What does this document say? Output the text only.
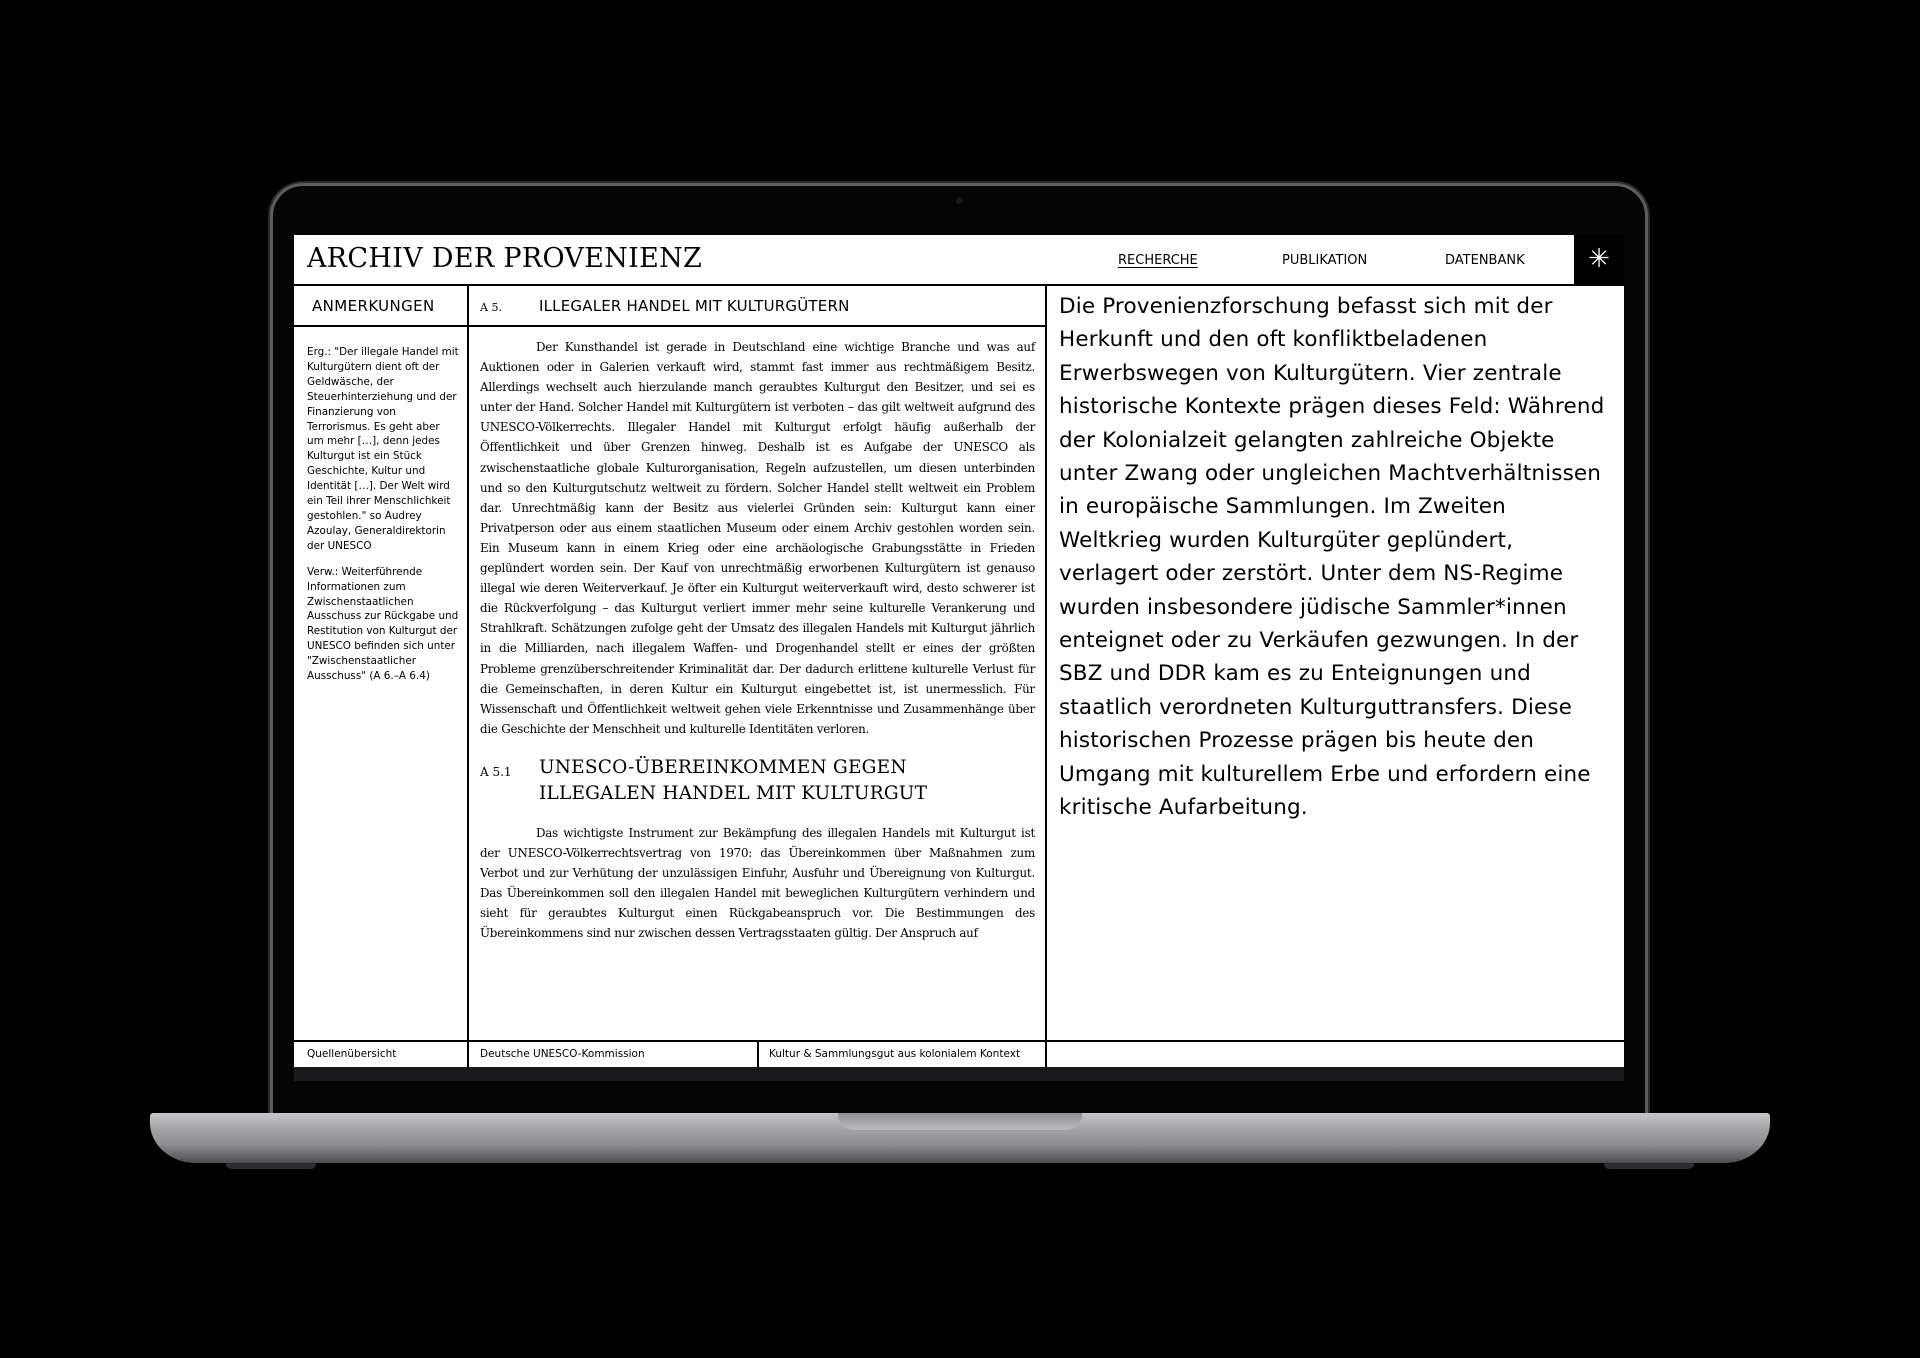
ARCHIV DER PROVENIENZ	RECHERCHE	PUBLIKATION	DATENBANK	✳
ANMERKUNGEN

Erg.: "Der illegale Handel mit Kulturgütern dient oft der Geldwäsche, der Steuerhinterziehung und der Finanzierung von Terrorismus. Es geht aber um mehr […], denn jedes Kulturgut ist ein Stück Geschichte, Kultur und Identität […]. Der Welt wird ein Teil ihrer Menschlichkeit gestohlen." so Audrey Azoulay, Generaldirektorin der UNESCO

Verw.: Weiterführende Informationen zum Zwischenstaatlichen Ausschuss zur Rückgabe und Restitution von Kulturgut der UNESCO befinden sich unter "Zwischenstaatlicher Ausschuss" (A 6.–A 6.4)

A 5. ILLEGALER HANDEL MIT KULTURGÜTERN

Der Kunsthandel ist gerade in Deutschland eine wichtige Branche und was auf Auktionen oder in Galerien verkauft wird, stammt fast immer aus rechtmäßigem Besitz. Allerdings wechselt auch hierzulande manch geraubtes Kulturgut den Besitzer, und sei es unter der Hand. Solcher Handel mit Kulturgütern ist verboten – das gilt weltweit aufgrund des UNESCO-Völkerrechts. Illegaler Handel mit Kulturgut erfolgt häufig außerhalb der Öffentlichkeit und über Grenzen hinweg. Deshalb ist es Aufgabe der UNESCO als zwischenstaatliche globale Kulturorganisation, Regeln aufzustellen, um diesen unterbinden und so den Kulturgutschutz weltweit zu fördern. Solcher Handel stellt weltweit ein Problem dar. Unrechtmäßig kann der Besitz aus vielerlei Gründen sein: Kulturgut kann einer Privatperson oder aus einem staatlichen Museum oder einem Archiv gestohlen worden sein. Ein Museum kann in einem Krieg oder eine archäologische Grabungsstätte in Frieden geplündert worden sein. Der Kauf von unrechtmäßig erworbenen Kulturgütern ist genauso illegal wie deren Weiterverkauf. Je öfter ein Kulturgut weiterverkauft wird, desto schwerer ist die Rückverfolgung – das Kulturgut verliert immer mehr seine kulturelle Verankerung und Strahlkraft. Schätzungen zufolge geht der Umsatz des illegalen Handels mit Kulturgut jährlich in die Milliarden, nach illegalem Waffen- und Drogenhandel stellt er eines der größten Probleme grenzüberschreitender Kriminalität dar. Der dadurch erlittene kulturelle Verlust für die Gemeinschaften, in deren Kultur ein Kulturgut eingebettet ist, ist unermesslich. Für Wissenschaft und Öffentlichkeit weltweit gehen viele Erkenntnisse und Zusammenhänge über die Geschichte der Menschheit und kulturelle Identitäten verloren.

A 5.1 UNESCO-ÜBEREINKOMMEN GEGEN ILLEGALEN HANDEL MIT KULTURGUT

Das wichtigste Instrument zur Bekämpfung des illegalen Handels mit Kulturgut ist der UNESCO-Völkerrechtsvertrag von 1970: das Übereinkommen über Maßnahmen zum Verbot und zur Verhütung der unzulässigen Einfuhr, Ausfuhr und Übereignung von Kulturgut. Das Übereinkommen soll den illegalen Handel mit beweglichen Kulturgütern verhindern und sieht für geraubtes Kulturgut einen Rückgabeanspruch vor. Die Bestimmungen des Übereinkommens sind nur zwischen dessen Vertragsstaaten gültig. Der Anspruch auf

Die Provenienzforschung befasst sich mit der Herkunft und den oft konfliktbeladenen Erwerbswegen von Kulturgütern. Vier zentrale historische Kontexte prägen dieses Feld: Während der Kolonialzeit gelangten zahlreiche Objekte unter Zwang oder ungleichen Machtverhältnissen in europäische Sammlungen. Im Zweiten Weltkrieg wurden Kulturgüter geplündert, verlagert oder zerstört. Unter dem NS-Regime wurden insbesondere jüdische Sammler*innen enteignet oder zu Verkäufen gezwungen. In der SBZ und DDR kam es zu Enteignungen und staatlich verordneten Kulturguttransfers. Diese historischen Prozesse prägen bis heute den Umgang mit kulturellem Erbe und erfordern eine kritische Aufarbeitung.
Quellenübersicht	Deutsche UNESCO-Kommission	Kultur & Sammlungsgut aus kolonialem Kontext
